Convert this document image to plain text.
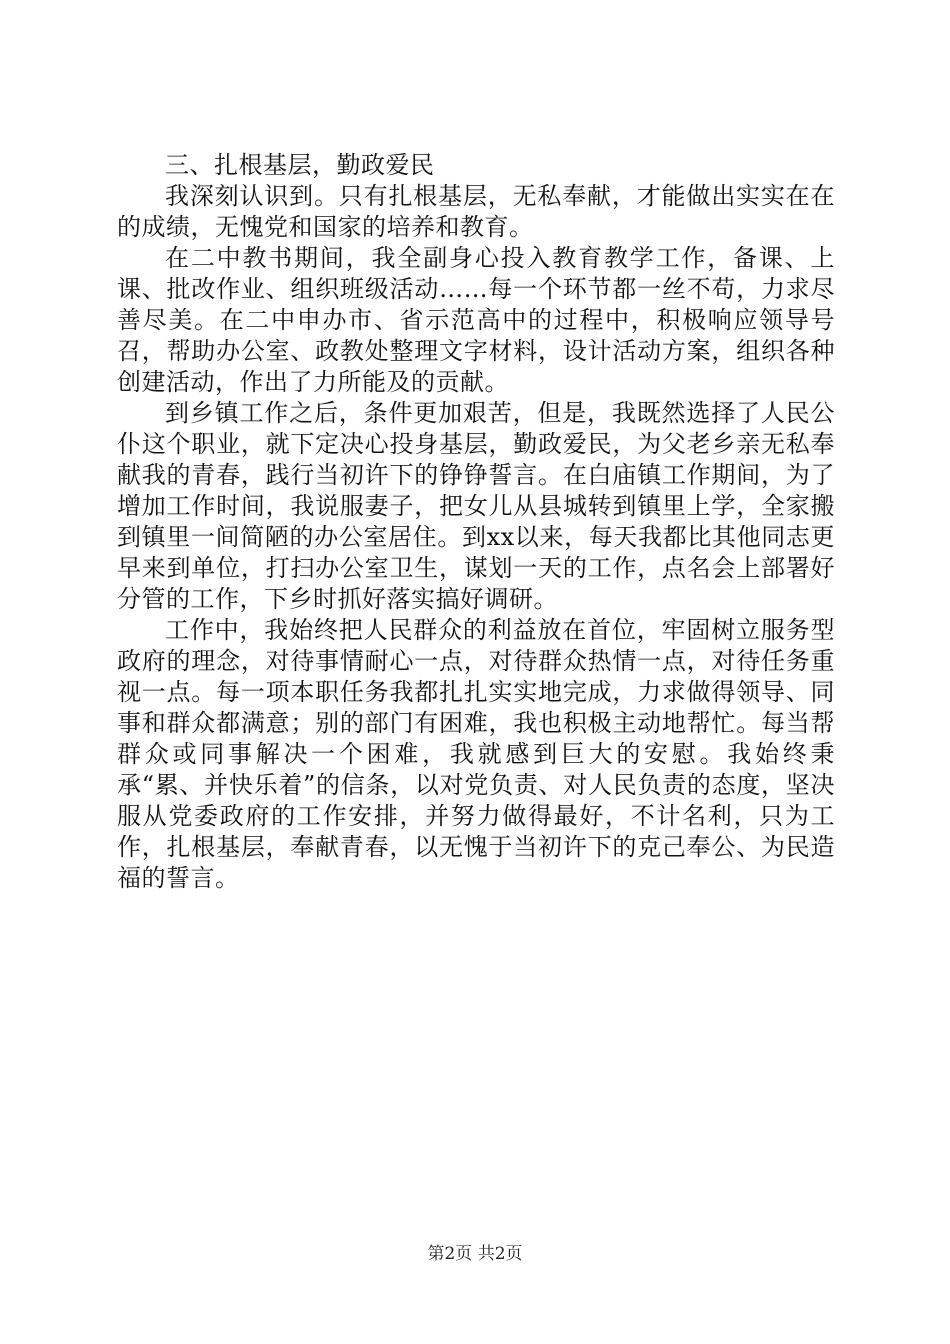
三、扎根基层，勤政爱民

我深刻认识到。只有扎根基层，无私奉献，才能做出实实在在的成绩，无愧党和国家的培养和教育。

在二中教书期间，我全副身心投入教育教学工作，备课、上课、批改作业、组织班级活动……每一个环节都一丝不苟，力求尽善尽美。在二中申办市、省示范高中的过程中，积极响应领导号召，帮助办公室、政教处整理文字材料，设计活动方案，组织各种创建活动，作出了力所能及的贡献。

到乡镇工作之后，条件更加艰苦，但是，我既然选择了人民公仆这个职业，就下定决心投身基层，勤政爱民，为父老乡亲无私奉献我的青春，践行当初许下的铮铮誓言。在白庙镇工作期间，为了增加工作时间，我说服妻子，把女儿从县城转到镇里上学，全家搬到镇里一间简陋的办公室居住。到xx以来，每天我都比其他同志更早来到单位，打扫办公室卫生，谋划一天的工作，点名会上部署好分管的工作，下乡时抓好落实搞好调研。

工作中，我始终把人民群众的利益放在首位，牢固树立服务型政府的理念，对待事情耐心一点，对待群众热情一点，对待任务重视一点。每一项本职任务我都扎扎实实地完成，力求做得领导、同事和群众都满意；别的部门有困难，我也积极主动地帮忙。每当帮群众或同事解决一个困难，我就感到巨大的安慰。我始终秉承“累、并快乐着”的信条，以对党负责、对人民负责的态度，坚决服从党委政府的工作安排，并努力做得最好，不计名利，只为工作，扎根基层，奉献青春，以无愧于当初许下的克己奉公、为民造福的誓言。

第2页 共2页
